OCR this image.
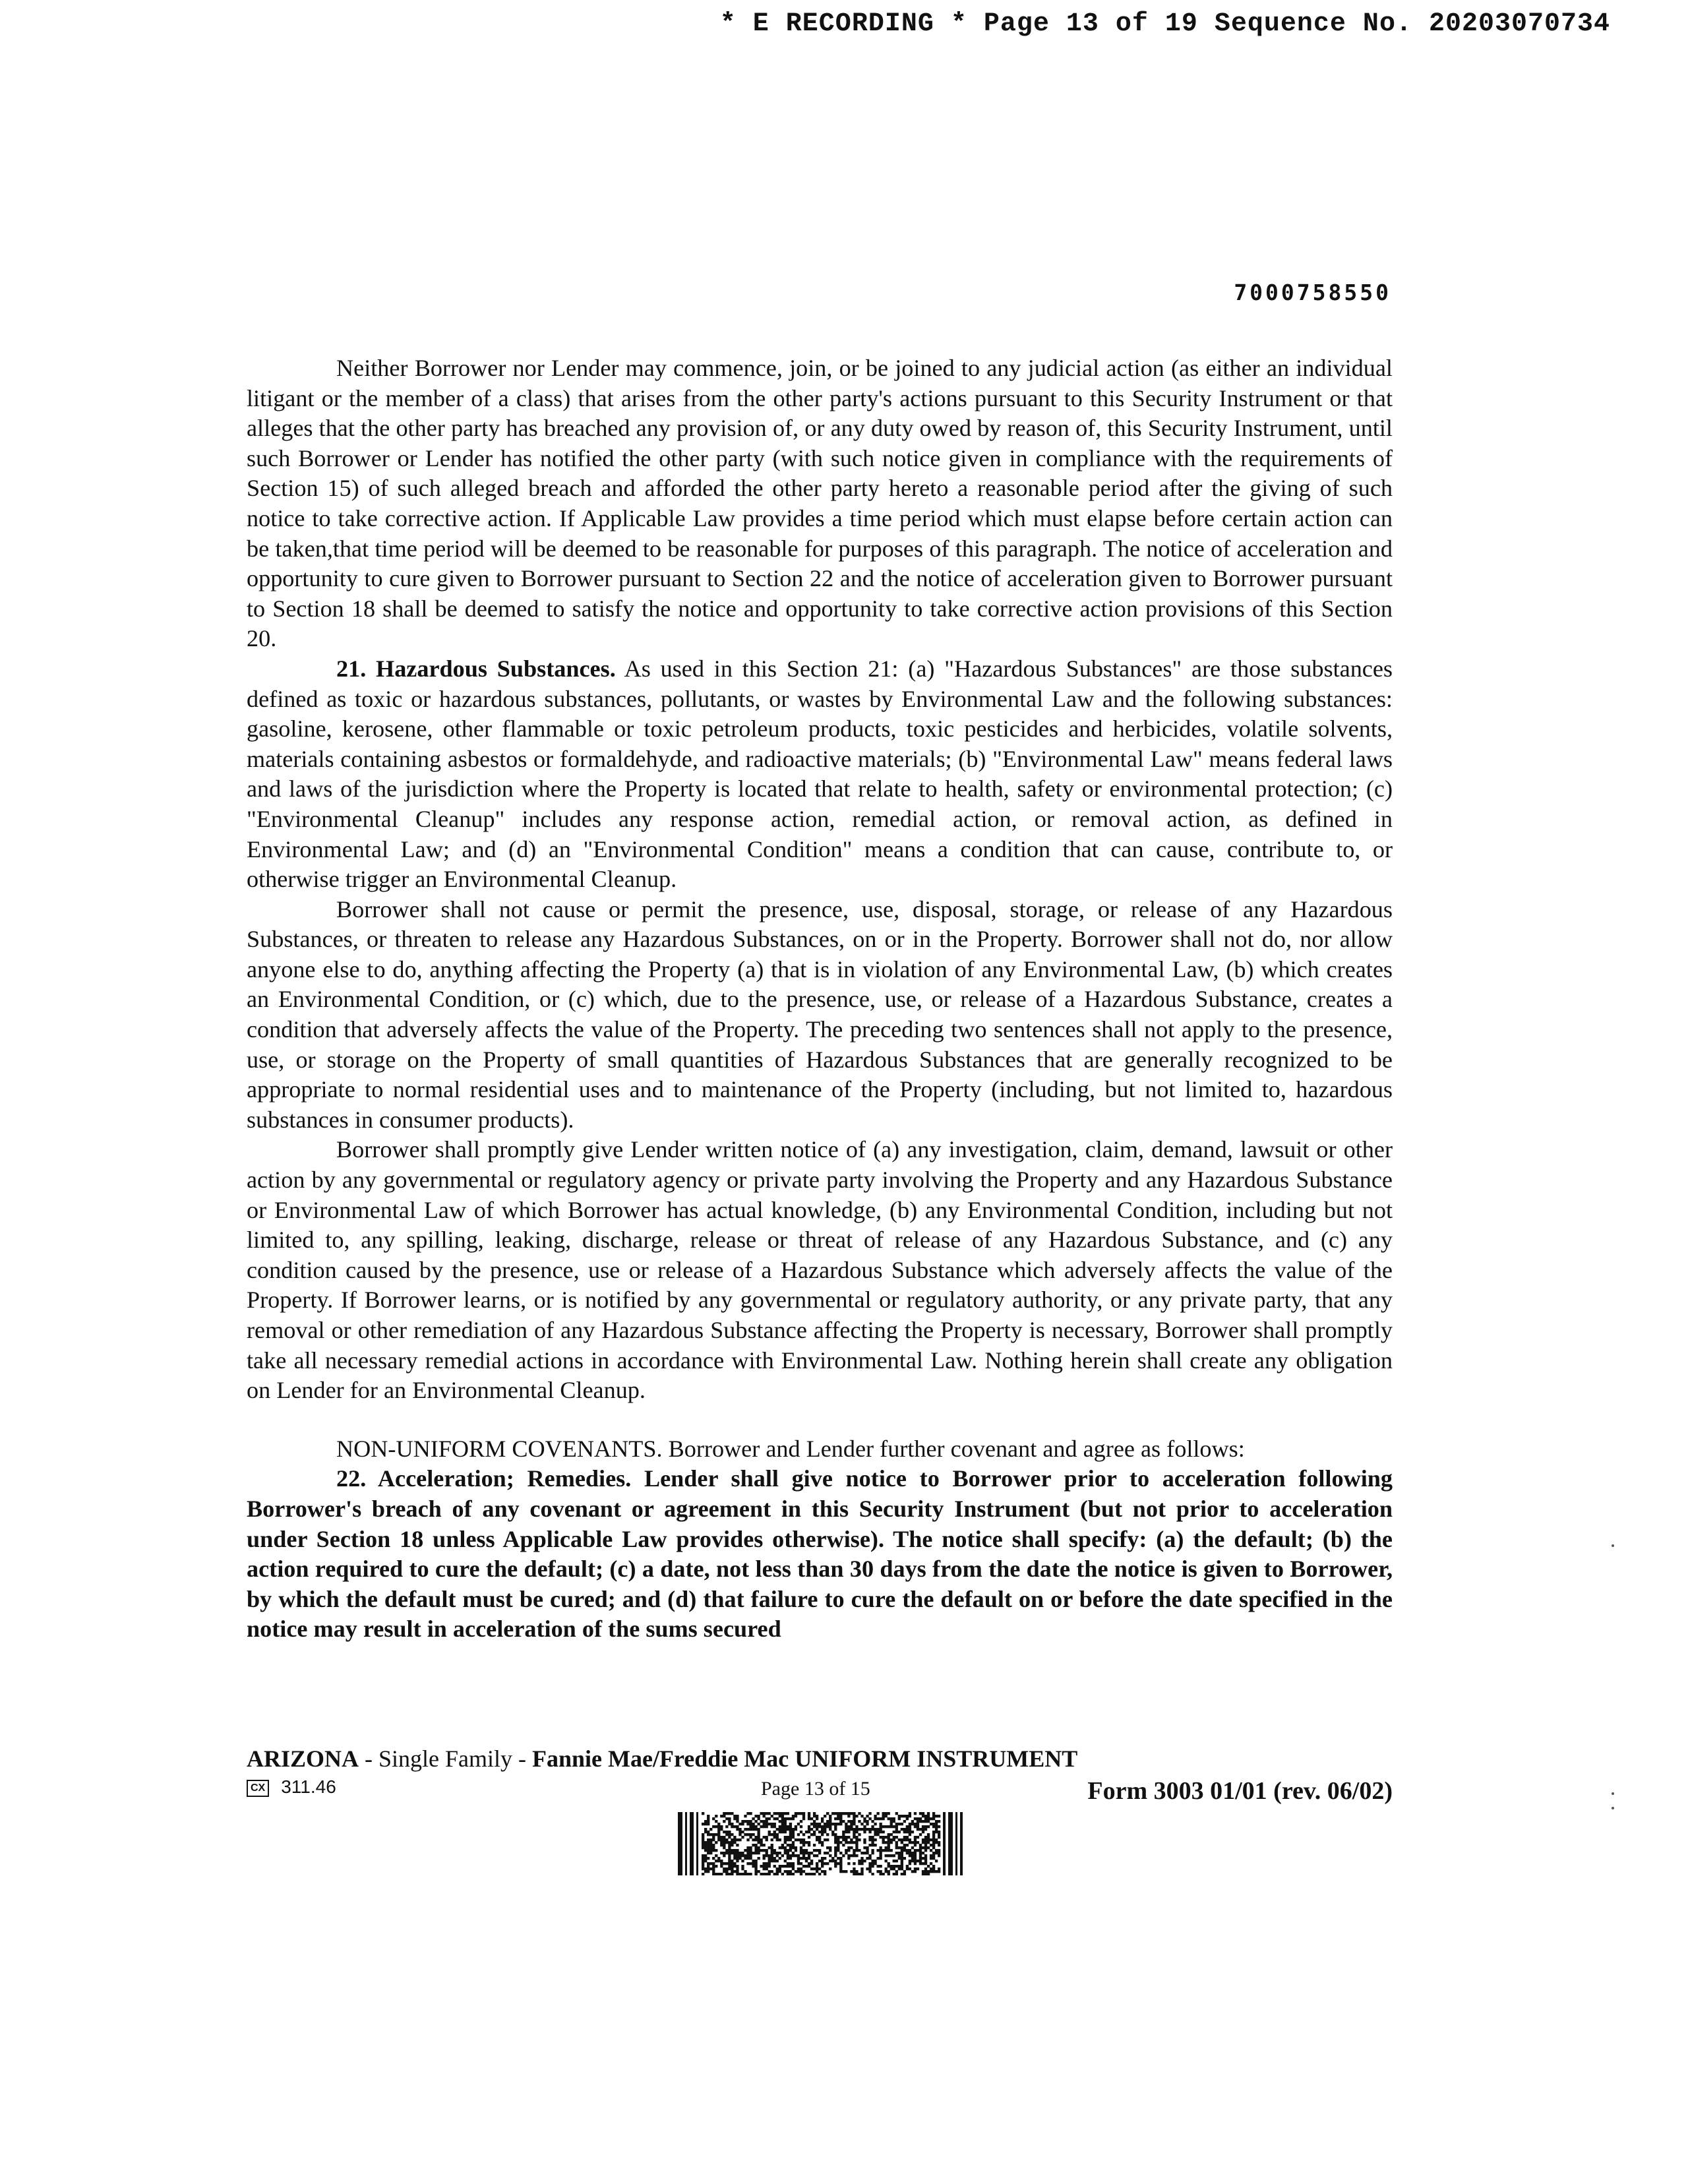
* E RECORDING * Page 13 of 19 Sequence No. 20203070734
7000758550

Neither Borrower nor Lender may commence, join, or be joined to any judicial action (as either an individual litigant or the member of a class) that arises from the other party's actions pursuant to this Security Instrument or that alleges that the other party has breached any provision of, or any duty owed by reason of, this Security Instrument, until such Borrower or Lender has notified the other party (with such notice given in compliance with the requirements of Section 15) of such alleged breach and afforded the other party hereto a reasonable period after the giving of such notice to take corrective action. If Applicable Law provides a time period which must elapse before certain action can be taken,that time period will be deemed to be reasonable for purposes of this paragraph. The notice of acceleration and opportunity to cure given to Borrower pursuant to Section 22 and the notice of acceleration given to Borrower pursuant to Section 18 shall be deemed to satisfy the notice and opportunity to take corrective action provisions of this Section 20.

21. Hazardous Substances. As used in this Section 21: (a) "Hazardous Substances" are those substances defined as toxic or hazardous substances, pollutants, or wastes by Environmental Law and the following substances: gasoline, kerosene, other flammable or toxic petroleum products, toxic pesticides and herbicides, volatile solvents, materials containing asbestos or formaldehyde, and radioactive materials; (b) "Environmental Law" means federal laws and laws of the jurisdiction where the Property is located that relate to health, safety or environmental protection; (c) "Environmental Cleanup" includes any response action, remedial action, or removal action, as defined in Environmental Law; and (d) an "Environmental Condition" means a condition that can cause, contribute to, or otherwise trigger an Environmental Cleanup.

Borrower shall not cause or permit the presence, use, disposal, storage, or release of any Hazardous Substances, or threaten to release any Hazardous Substances, on or in the Property. Borrower shall not do, nor allow anyone else to do, anything affecting the Property (a) that is in violation of any Environmental Law, (b) which creates an Environmental Condition, or (c) which, due to the presence, use, or release of a Hazardous Substance, creates a condition that adversely affects the value of the Property. The preceding two sentences shall not apply to the presence, use, or storage on the Property of small quantities of Hazardous Substances that are generally recognized to be appropriate to normal residential uses and to maintenance of the Property (including, but not limited to, hazardous substances in consumer products).

Borrower shall promptly give Lender written notice of (a) any investigation, claim, demand, lawsuit or other action by any governmental or regulatory agency or private party involving the Property and any Hazardous Substance or Environmental Law of which Borrower has actual knowledge, (b) any Environmental Condition, including but not limited to, any spilling, leaking, discharge, release or threat of release of any Hazardous Substance, and (c) any condition caused by the presence, use or release of a Hazardous Substance which adversely affects the value of the Property. If Borrower learns, or is notified by any governmental or regulatory authority, or any private party, that any removal or other remediation of any Hazardous Substance affecting the Property is necessary, Borrower shall promptly take all necessary remedial actions in accordance with Environmental Law. Nothing herein shall create any obligation on Lender for an Environmental Cleanup.

NON-UNIFORM COVENANTS. Borrower and Lender further covenant and agree as follows:

22. Acceleration; Remedies. Lender shall give notice to Borrower prior to acceleration following Borrower's breach of any covenant or agreement in this Security Instrument (but not prior to acceleration under Section 18 unless Applicable Law provides otherwise). The notice shall specify: (a) the default; (b) the action required to cure the default; (c) a date, not less than 30 days from the date the notice is given to Borrower, by which the default must be cured; and (d) that failure to cure the default on or before the date specified in the notice may result in acceleration of the sums secured

ARIZONA - Single Family - Fannie Mae/Freddie Mac UNIFORM INSTRUMENT
CX 311.46	Page 13 of 15	Form 3003 01/01 (rev. 06/02)
